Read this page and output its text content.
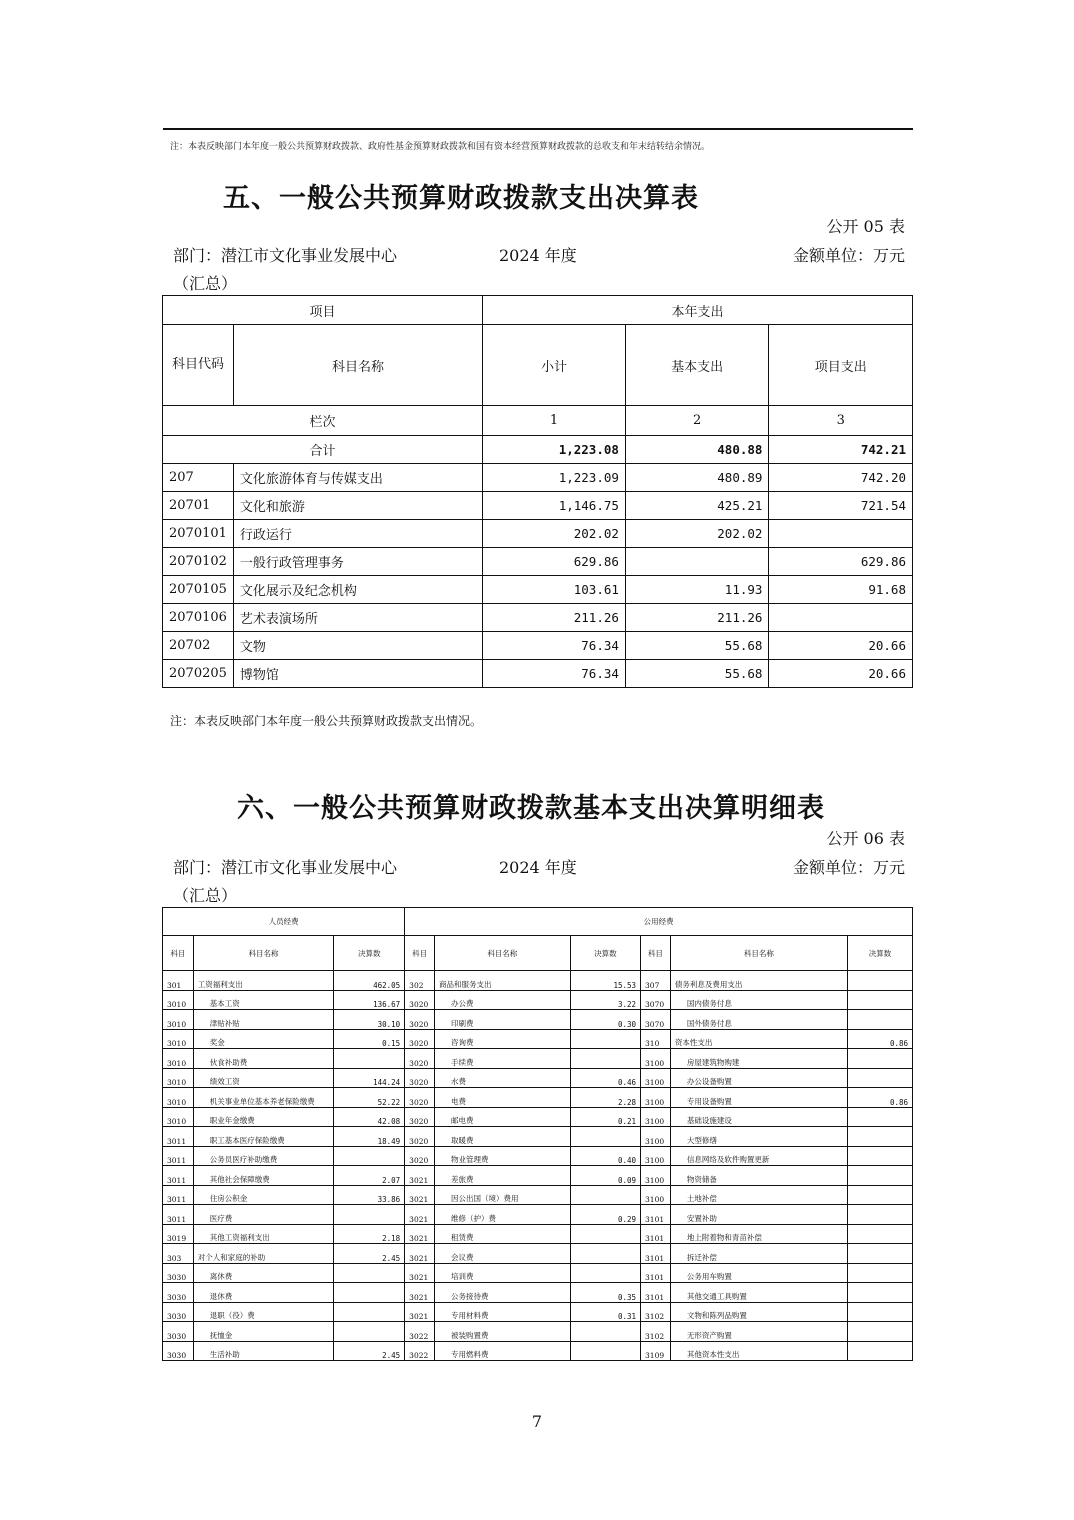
注：本表反映部门本年度一般公共预算财政拨款、政府性基金预算财政拨款和国有资本经营预算财政拨款的总收支和年末结转结余情况。
五、一般公共预算财政拨款支出决算表
公开 05 表
部门：潜江市文化事业发展中心	2024 年度	金额单位：万元
（汇总）
项目		本年支出		
科目代码	科目名称	小计	基本支出	项目支出
栏次		1	2	3
合计		1,223.08	480.88	742.21
207	文化旅游体育与传媒支出	1,223.09	480.89	742.20
20701	文化和旅游	1,146.75	425.21	721.54
2070101	行政运行	202.02	202.02	
2070102	一般行政管理事务	629.86		629.86
2070105	文化展示及纪念机构	103.61	11.93	91.68
2070106	艺术表演场所	211.26	211.26	
20702	文物	76.34	55.68	20.66
2070205	博物馆	76.34	55.68	20.66
注：本表反映部门本年度一般公共预算财政拨款支出情况。
六、一般公共预算财政拨款基本支出决算明细表
公开 06 表
部门：潜江市文化事业发展中心	2024 年度	金额单位：万元
（汇总）
人员经费			公用经费					
科目	科目名称	决算数	科目	科目名称	决算数	科目	科目名称	决算数
301	工资福利支出	462.05	302	商品和服务支出	15.53	307	债务利息及费用支出	
3010	基本工资	136.67	3020	办公费	3.22	3070	国内债务付息	
3010	津贴补贴	30.10	3020	印刷费	0.30	3070	国外债务付息	
3010	奖金	0.15	3020	咨询费		310	资本性支出	0.86
3010	伙食补助费		3020	手续费		3100	房屋建筑物购建	
3010	绩效工资	144.24	3020	水费	0.46	3100	办公设备购置	
3010	机关事业单位基本养老保险缴费	52.22	3020	电费	2.28	3100	专用设备购置	0.86
3010	职业年金缴费	42.08	3020	邮电费	0.21	3100	基础设施建设	
3011	职工基本医疗保险缴费	18.49	3020	取暖费		3100	大型修缮	
3011	公务员医疗补助缴费		3020	物业管理费	0.40	3100	信息网络及软件购置更新	
3011	其他社会保障缴费	2.07	3021	差旅费	0.09	3100	物资储备	
3011	住房公积金	33.86	3021	因公出国（境）费用		3100	土地补偿	
3011	医疗费		3021	维修（护）费	0.29	3101	安置补助	
3019	其他工资福利支出	2.18	3021	租赁费		3101	地上附着物和青苗补偿	
303	对个人和家庭的补助	2.45	3021	会议费		3101	拆迁补偿	
3030	离休费		3021	培训费		3101	公务用车购置	
3030	退休费		3021	公务接待费	0.35	3101	其他交通工具购置	
3030	退职（役）费		3021	专用材料费	0.31	3102	文物和陈列品购置	
3030	抚恤金		3022	被装购置费		3102	无形资产购置	
3030	生活补助	2.45	3022	专用燃料费		3109	其他资本性支出	
7
